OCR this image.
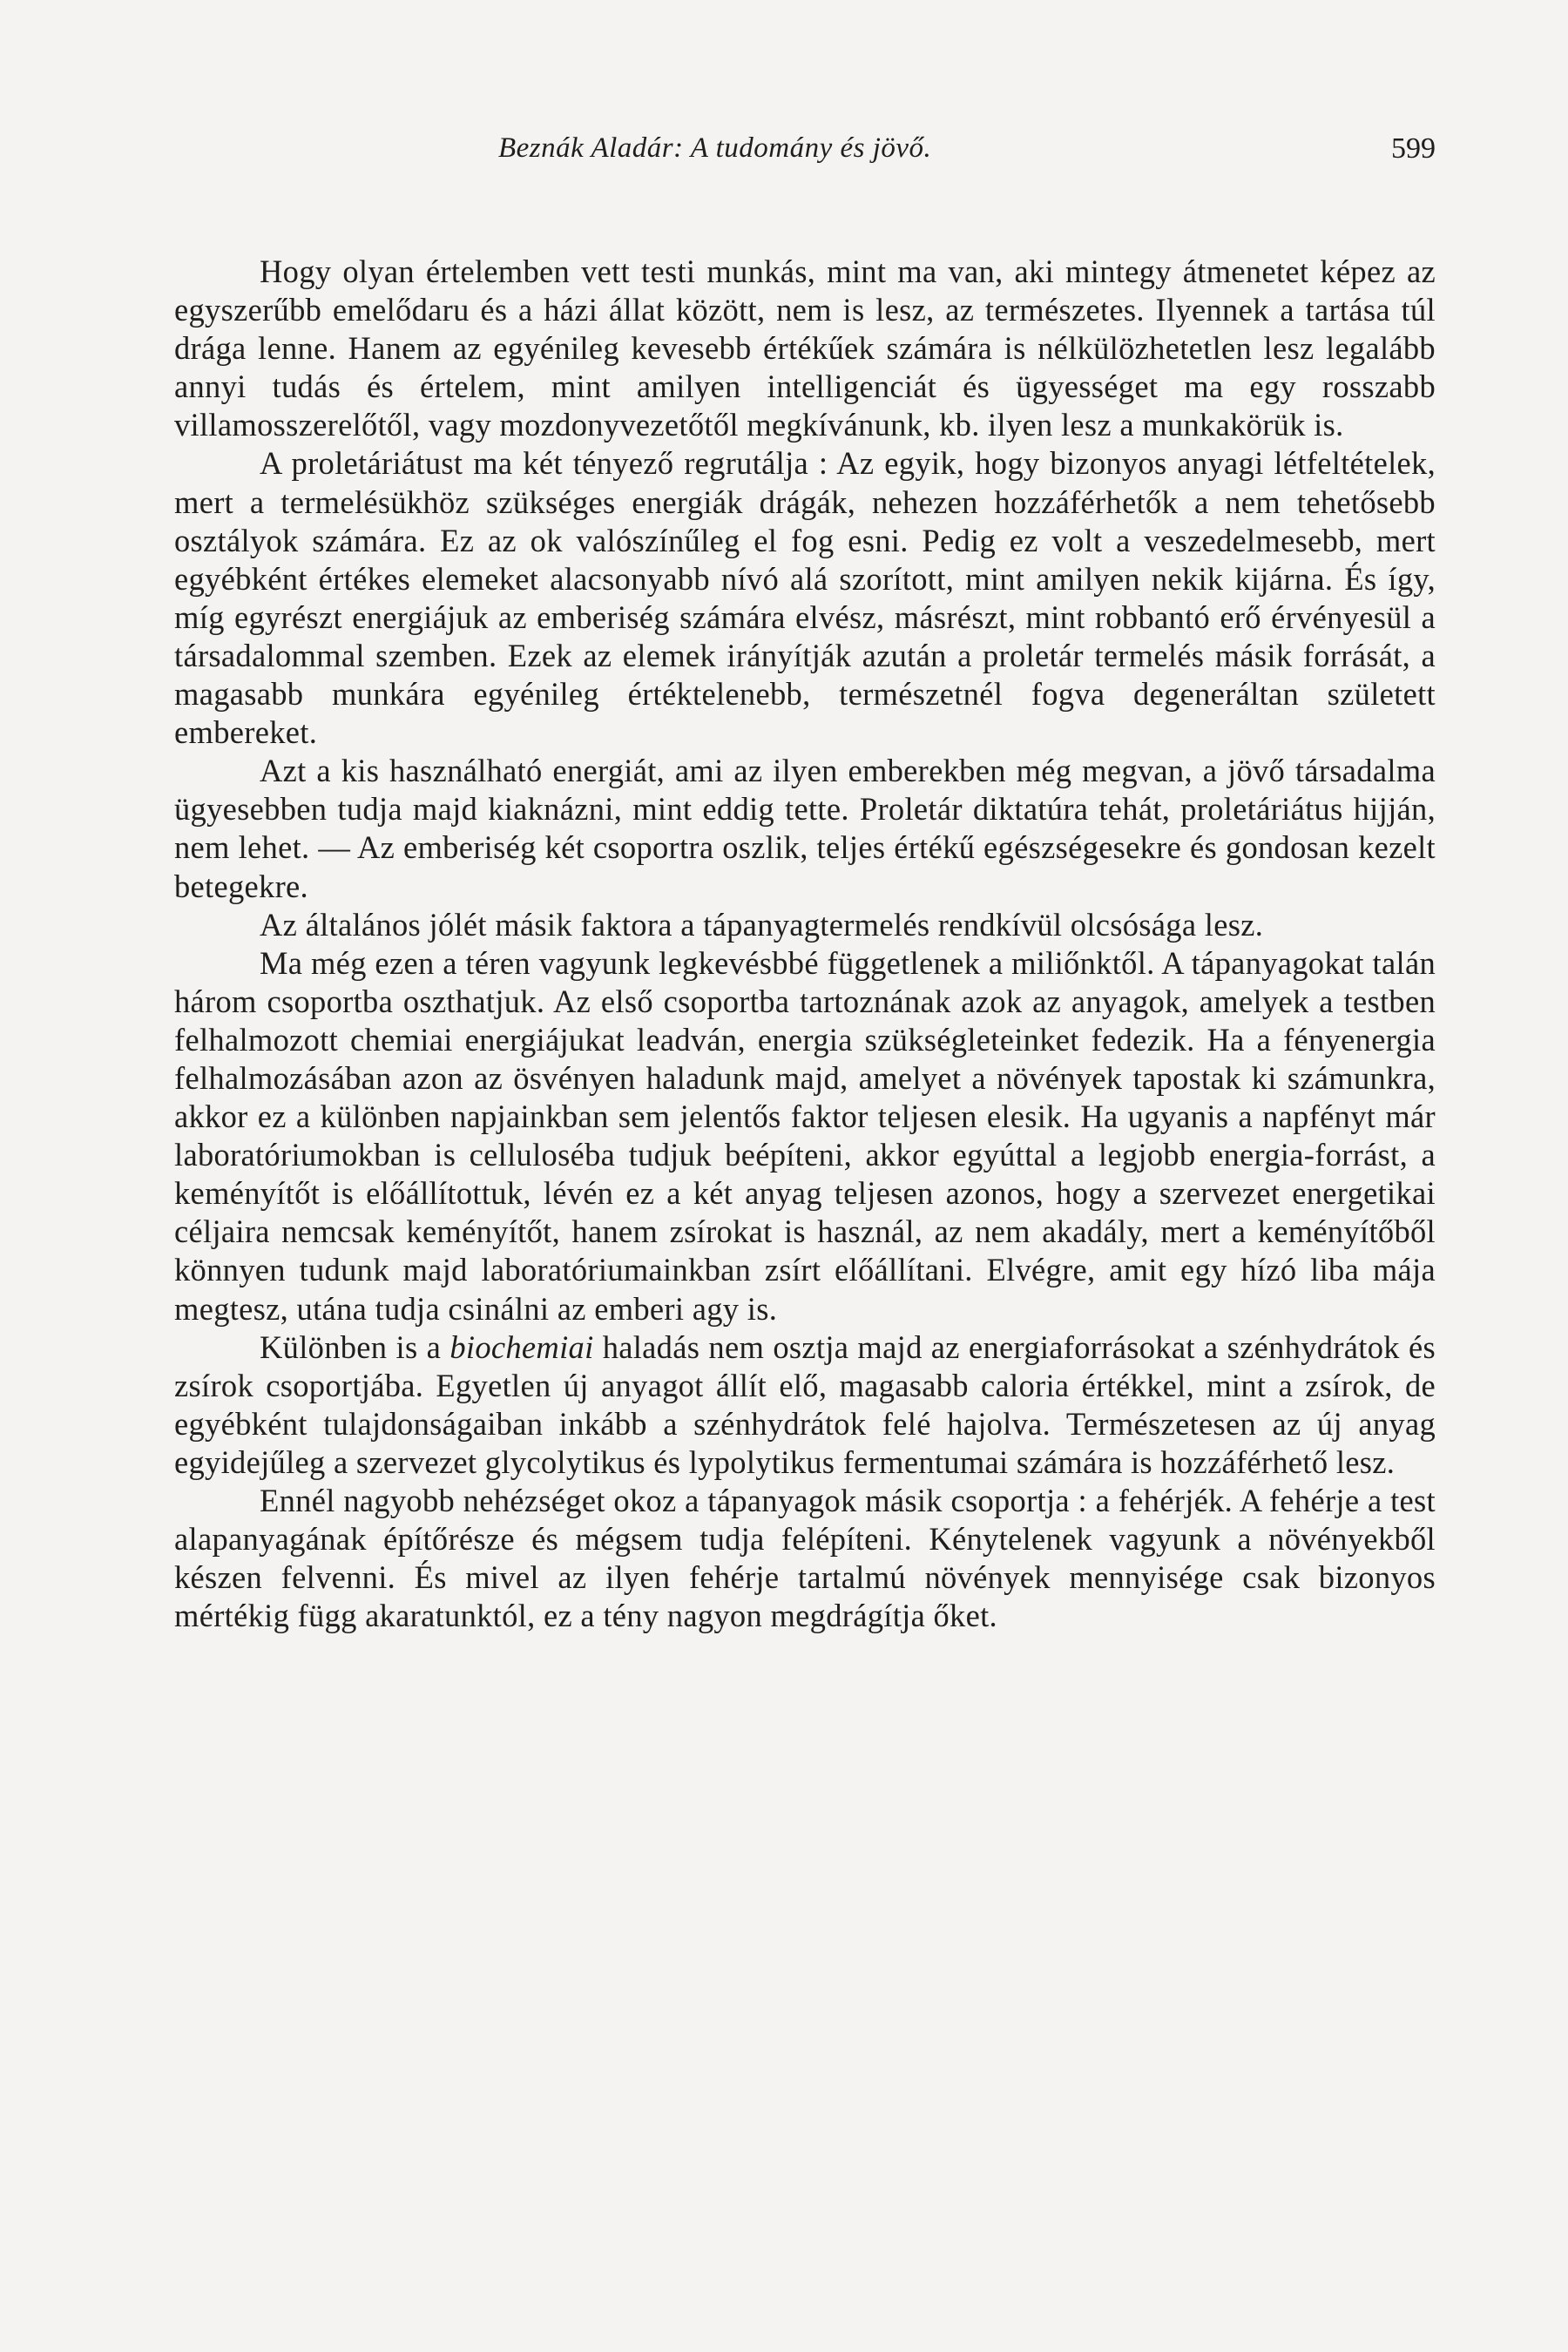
Beznák Aladár: A tudomány és jövő.	599

Hogy olyan értelemben vett testi munkás, mint ma van, aki mintegy átmenetet képez az egyszerűbb emelődaru és a házi állat között, nem is lesz, az természetes. Ilyennek a tartása túl drága lenne. Hanem az egyénileg kevesebb értékűek számára is nélkülözhetetlen lesz legalább annyi tudás és értelem, mint amilyen intelligenciát és ügyességet ma egy rosszabb villamosszerelőtől, vagy mozdonyvezetőtől megkívánunk, kb. ilyen lesz a munkakörük is.

A proletáriátust ma két tényező regrutálja : Az egyik, hogy bizonyos anyagi létfeltételek, mert a termelésükhöz szükséges energiák drágák, nehezen hozzáférhetők a nem tehetősebb osztályok számára. Ez az ok valószínűleg el fog esni. Pedig ez volt a veszedelmesebb, mert egyébként értékes elemeket alacsonyabb nívó alá szorított, mint amilyen nekik kijárna. És így, míg egyrészt energiájuk az emberiség számára elvész, másrészt, mint robbantó erő érvényesül a társadalommal szemben. Ezek az elemek irányítják azután a proletár termelés másik forrását, a magasabb munkára egyénileg értéktelenebb, természetnél fogva degeneráltan született embereket.

Azt a kis használható energiát, ami az ilyen emberekben még megvan, a jövő társadalma ügyesebben tudja majd kiaknázni, mint eddig tette. Proletár diktatúra tehát, proletáriátus hijján, nem lehet. — Az emberiség két csoportra oszlik, teljes értékű egészségesekre és gondosan kezelt betegekre.

Az általános jólét másik faktora a tápanyagtermelés rendkívül olcsósága lesz.

Ma még ezen a téren vagyunk legkevésbbé függetlenek a miliőnktől. A tápanyagokat talán három csoportba oszthatjuk. Az első csoportba tartoznának azok az anyagok, amelyek a testben felhalmozott chemiai energiájukat leadván, energia szükségleteinket fedezik. Ha a fényenergia felhalmozásában azon az ösvényen haladunk majd, amelyet a növények tapostak ki számunkra, akkor ez a különben napjainkban sem jelentős faktor teljesen elesik. Ha ugyanis a napfényt már laboratóriumokban is cellulosébа tudjuk beépíteni, akkor egyúttal a legjobb energia-forrást, a keményítőt is előállítottuk, lévén ez a két anyag teljesen azonos, hogy a szervezet energetikai céljaira nemcsak keményítőt, hanem zsírokat is használ, az nem akadály, mert a keményítőből könnyen tudunk majd laboratóriumainkban zsírt előállítani. Elvégre, amit egy hízó liba mája megtesz, utána tudja csinálni az emberi agy is.

Különben is a biochemiai haladás nem osztja majd az energiaforrásokat a szénhydrátok és zsírok csoportjába. Egyetlen új anyagot állít elő, magasabb caloria értékkel, mint a zsírok, de egyébként tulajdonságaiban inkább a szénhydrátok felé hajolva. Természetesen az új anyag egyidejűleg a szervezet glycolytikus és lypolytikus fermentumai számára is hozzáférhető lesz.

Ennél nagyobb nehézséget okoz a tápanyagok másik csoportja : a fehérjék. A fehérje a test alapanyagának építőrésze és mégsem tudja felépíteni. Kénytelenek vagyunk a növényekből készen felvenni. És mivel az ilyen fehérje tartalmú növények mennyisége csak bizonyos mértékig függ akaratunktól, ez a tény nagyon megdrágítja őket.
